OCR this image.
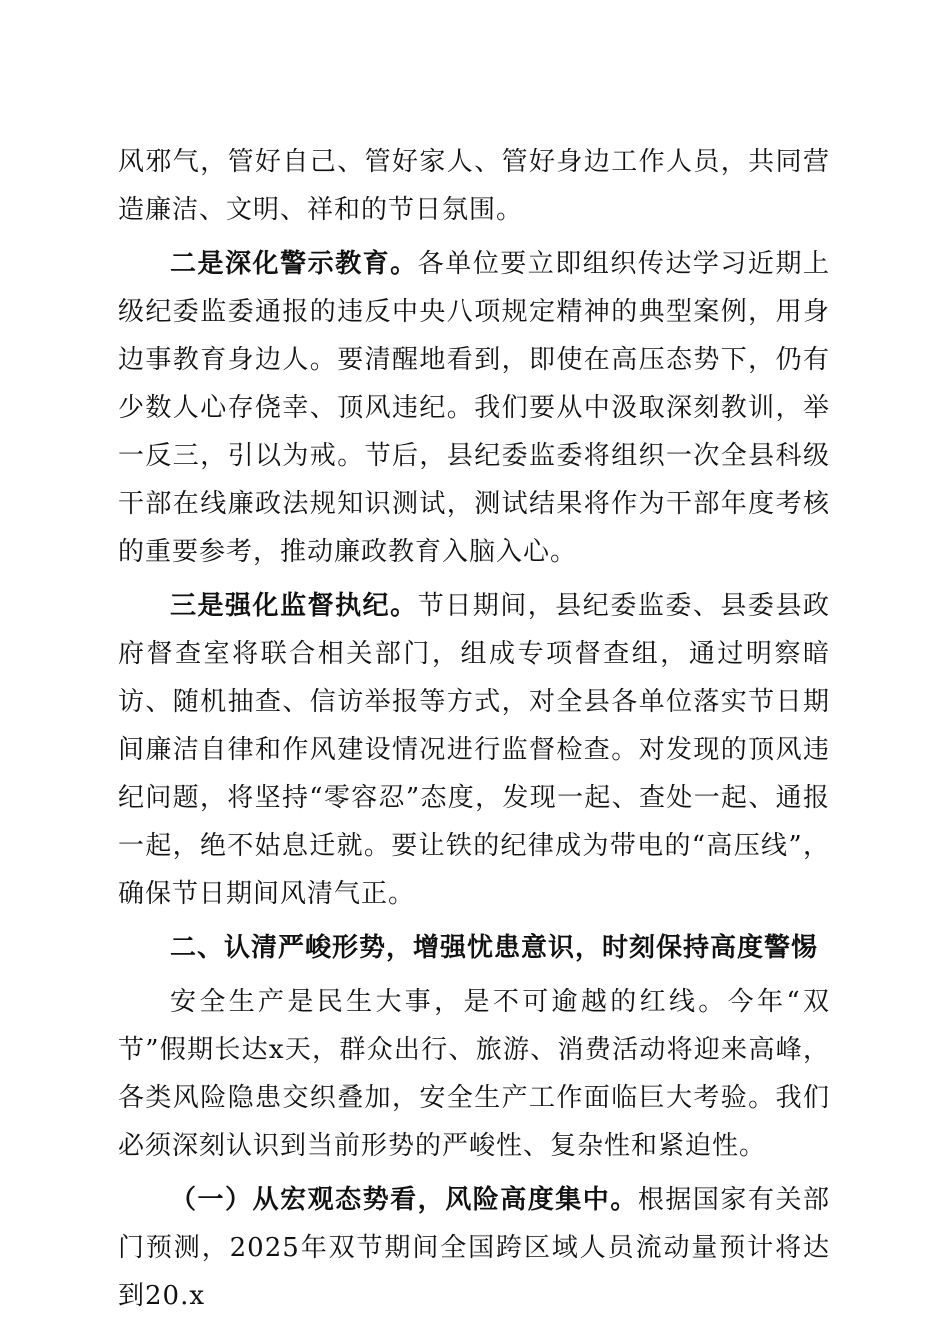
风邪气，管好自己、管好家人、管好身边工作人员，共同营造廉洁、文明、祥和的节日氛围。

二是深化警示教育。各单位要立即组织传达学习近期上级纪委监委通报的违反中央八项规定精神的典型案例，用身边事教育身边人。要清醒地看到，即使在高压态势下，仍有少数人心存侥幸、顶风违纪。我们要从中汲取深刻教训，举一反三，引以为戒。节后，县纪委监委将组织一次全县科级干部在线廉政法规知识测试，测试结果将作为干部年度考核的重要参考，推动廉政教育入脑入心。

三是强化监督执纪。节日期间，县纪委监委、县委县政府督查室将联合相关部门，组成专项督查组，通过明察暗访、随机抽查、信访举报等方式，对全县各单位落实节日期间廉洁自律和作风建设情况进行监督检查。对发现的顶风违纪问题，将坚持“零容忍”态度，发现一起、查处一起、通报一起，绝不姑息迁就。要让铁的纪律成为带电的“高压线”，确保节日期间风清气正。

二、认清严峻形势，增强忧患意识，时刻保持高度警惕

安全生产是民生大事，是不可逾越的红线。今年“双节”假期长达x天，群众出行、旅游、消费活动将迎来高峰，各类风险隐患交织叠加，安全生产工作面临巨大考验。我们必须深刻认识到当前形势的严峻性、复杂性和紧迫性。

（一）从宏观态势看，风险高度集中。根据国家有关部门预测，2025年双节期间全国跨区域人员流动量预计将达到20.x
